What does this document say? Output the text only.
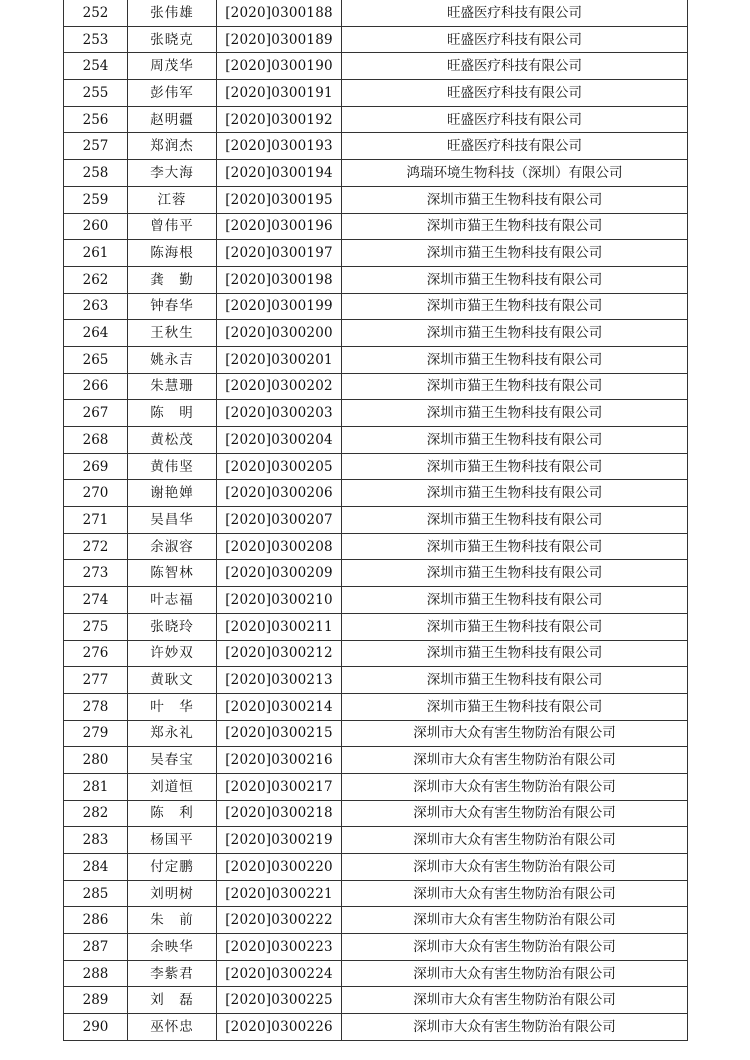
252	张伟雄	[2020]0300188	旺盛医疗科技有限公司
253	张晓克	[2020]0300189	旺盛医疗科技有限公司
254	周茂华	[2020]0300190	旺盛医疗科技有限公司
255	彭伟军	[2020]0300191	旺盛医疗科技有限公司
256	赵明疆	[2020]0300192	旺盛医疗科技有限公司
257	郑润杰	[2020]0300193	旺盛医疗科技有限公司
258	李大海	[2020]0300194	鸿瑞环境生物科技（深圳）有限公司
259	江蓉	[2020]0300195	深圳市猫王生物科技有限公司
260	曾伟平	[2020]0300196	深圳市猫王生物科技有限公司
261	陈海根	[2020]0300197	深圳市猫王生物科技有限公司
262	龚　勤	[2020]0300198	深圳市猫王生物科技有限公司
263	钟春华	[2020]0300199	深圳市猫王生物科技有限公司
264	王秋生	[2020]0300200	深圳市猫王生物科技有限公司
265	姚永吉	[2020]0300201	深圳市猫王生物科技有限公司
266	朱慧珊	[2020]0300202	深圳市猫王生物科技有限公司
267	陈　明	[2020]0300203	深圳市猫王生物科技有限公司
268	黄松茂	[2020]0300204	深圳市猫王生物科技有限公司
269	黄伟坚	[2020]0300205	深圳市猫王生物科技有限公司
270	谢艳婵	[2020]0300206	深圳市猫王生物科技有限公司
271	吴昌华	[2020]0300207	深圳市猫王生物科技有限公司
272	余淑容	[2020]0300208	深圳市猫王生物科技有限公司
273	陈智林	[2020]0300209	深圳市猫王生物科技有限公司
274	叶志福	[2020]0300210	深圳市猫王生物科技有限公司
275	张晓玲	[2020]0300211	深圳市猫王生物科技有限公司
276	许妙双	[2020]0300212	深圳市猫王生物科技有限公司
277	黄耿文	[2020]0300213	深圳市猫王生物科技有限公司
278	叶　华	[2020]0300214	深圳市猫王生物科技有限公司
279	郑永礼	[2020]0300215	深圳市大众有害生物防治有限公司
280	吴春宝	[2020]0300216	深圳市大众有害生物防治有限公司
281	刘道恒	[2020]0300217	深圳市大众有害生物防治有限公司
282	陈　利	[2020]0300218	深圳市大众有害生物防治有限公司
283	杨国平	[2020]0300219	深圳市大众有害生物防治有限公司
284	付定鹏	[2020]0300220	深圳市大众有害生物防治有限公司
285	刘明树	[2020]0300221	深圳市大众有害生物防治有限公司
286	朱　前	[2020]0300222	深圳市大众有害生物防治有限公司
287	余映华	[2020]0300223	深圳市大众有害生物防治有限公司
288	李紫君	[2020]0300224	深圳市大众有害生物防治有限公司
289	刘　磊	[2020]0300225	深圳市大众有害生物防治有限公司
290	巫怀忠	[2020]0300226	深圳市大众有害生物防治有限公司
